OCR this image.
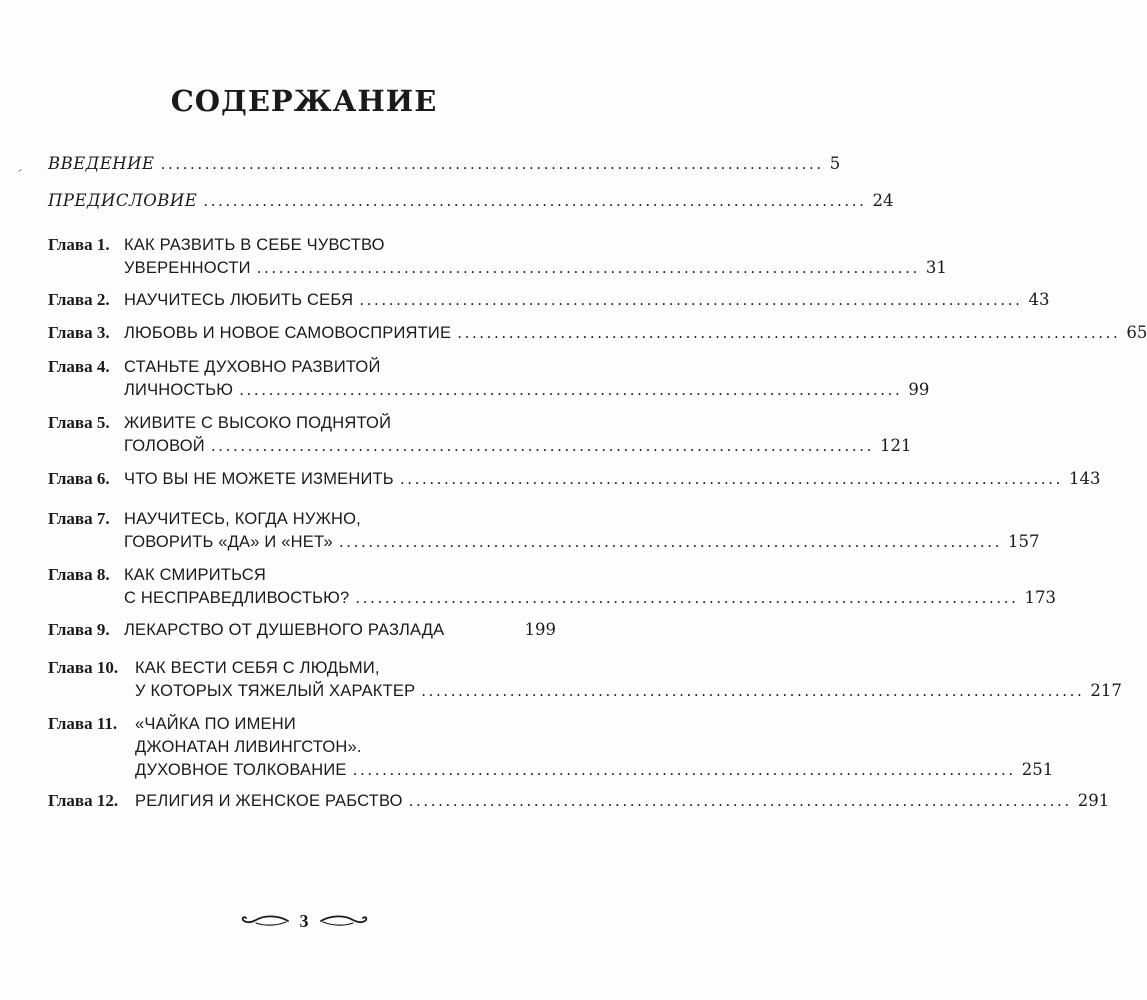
СОДЕРЖАНИЕ
ВВЕДЕНИЕ .......................................................................................... 5
ПРЕДИСЛОВИЕ .......................................................................................... 24
Глава 1. КАК РАЗВИТЬ В СЕБЕ ЧУВСТВО
УВЕРЕННОСТИ .......................................................................................... 31
Глава 2. НАУЧИТЕСЬ ЛЮБИТЬ СЕБЯ .......................................................................................... 43
Глава 3. ЛЮБОВЬ И НОВОЕ САМОВОСПРИЯТИЕ .......................................................................................... 65
Глава 4. СТАНЬТЕ ДУХОВНО РАЗВИТОЙ
ЛИЧНОСТЬЮ .......................................................................................... 99
Глава 5. ЖИВИТЕ С ВЫСОКО ПОДНЯТОЙ
ГОЛОВОЙ .......................................................................................... 121
Глава 6. ЧТО ВЫ НЕ МОЖЕТЕ ИЗМЕНИТЬ .......................................................................................... 143
Глава 7. НАУЧИТЕСЬ, КОГДА НУЖНО,
ГОВОРИТЬ «ДА» И «НЕТ» .......................................................................................... 157
Глава 8. КАК СМИРИТЬСЯ
С НЕСПРАВЕДЛИВОСТЬЮ? .......................................................................................... 173
Глава 9. ЛЕКАРСТВО ОТ ДУШЕВНОГО РАЗЛАДА	199
Глава 10. КАК ВЕСТИ СЕБЯ С ЛЮДЬМИ,
У КОТОРЫХ ТЯЖЕЛЫЙ ХАРАКТЕР .......................................................................................... 217
Глава 11. «ЧАЙКА ПО ИМЕНИ
ДЖОНАТАН ЛИВИНГСТОН».
ДУХОВНОЕ ТОЛКОВАНИЕ .......................................................................................... 251
Глава 12. РЕЛИГИЯ И ЖЕНСКОЕ РАБСТВО .......................................................................................... 291
3
